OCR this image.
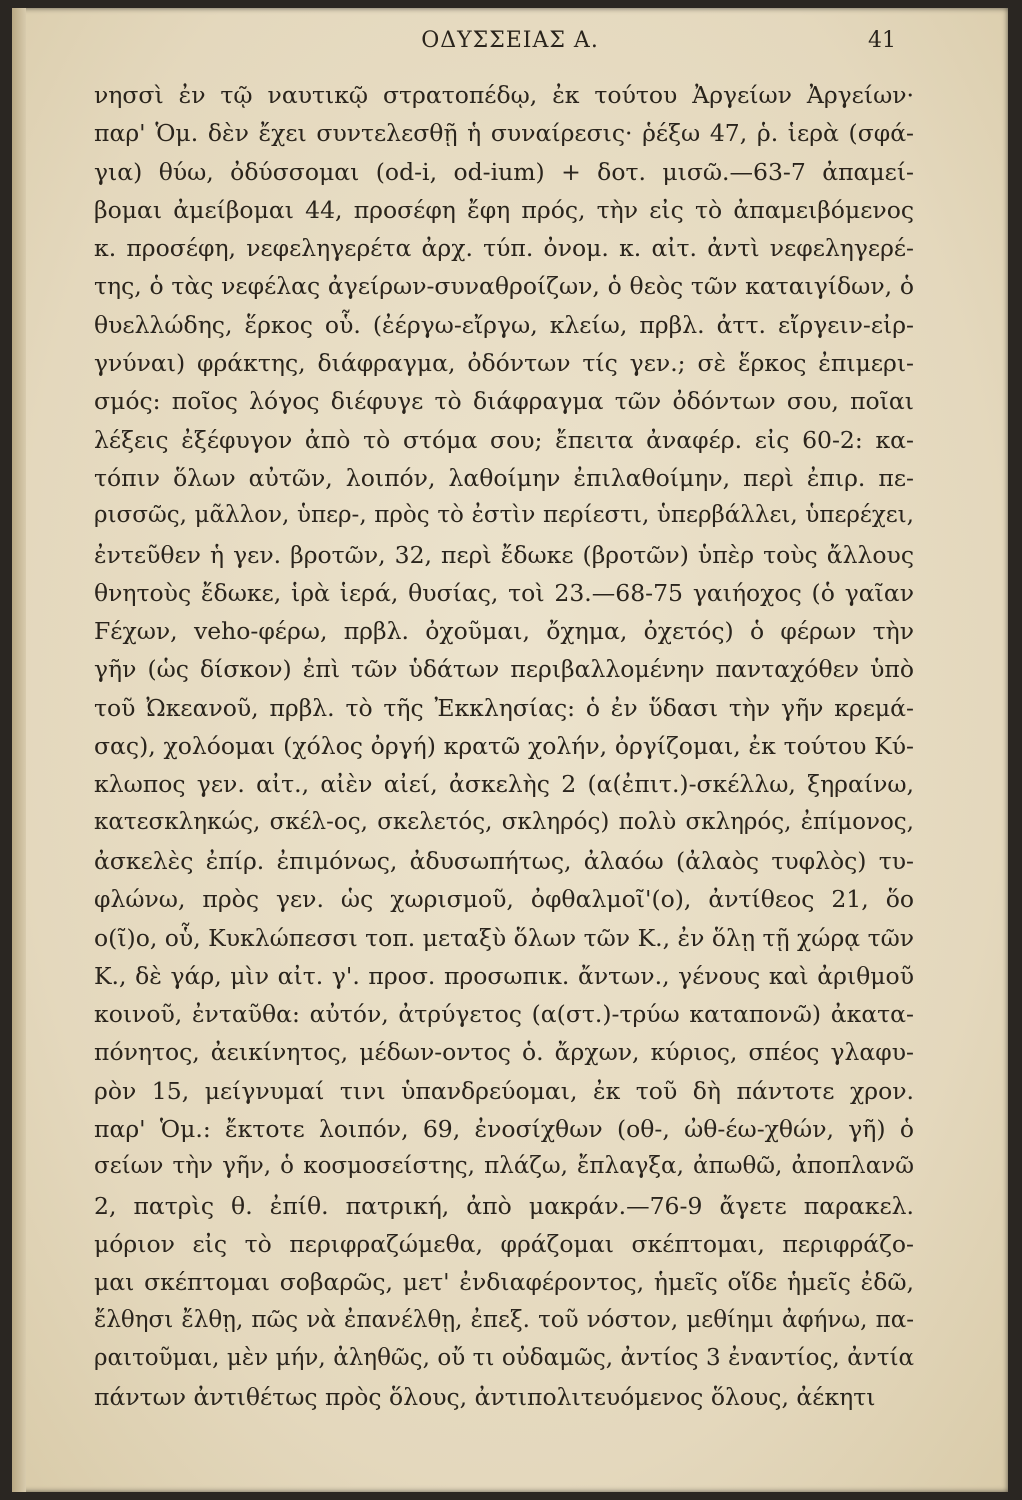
ΟΔΥΣΣΕΙΑΣ Α.	41
νησσὶ ἐν τῷ ναυτικῷ στρατοπέδῳ, ἐκ τούτου Ἀργείων Ἀργείων·
παρ' Ὁμ. δὲν ἔχει συντελεσθῇ ἡ συναίρεσις· ῥέξω 47, ῥ. ἱερὰ (σφά-
για) θύω, ὀδύσσομαι (od-i, od-ium) + δοτ. μισῶ.—63-7 ἀπαμεί-
βομαι ἀμείβομαι 44, προσέφη ἔφη πρός, τὴν εἰς τὸ ἀπαμειβόμενος
κ. προσέφη, νεφεληγερέτα ἀρχ. τύπ. ὀνομ. κ. αἰτ. ἀντὶ νεφεληγερέ-
της, ὁ τὰς νεφέλας ἀγείρων-συναθροίζων, ὁ θεὸς τῶν καταιγίδων, ὁ
θυελλώδης, ἕρκος οὗ. (ἐέργω-εἴργω, κλείω, πρβλ. ἀττ. εἴργειν-εἰρ-
γνύναι) φράκτης, διάφραγμα, ὀδόντων τίς γεν.; σὲ ἕρκος ἐπιμερι-
σμός: ποῖος λόγος διέφυγε τὸ διάφραγμα τῶν ὀδόντων σου, ποῖαι
λέξεις ἐξέφυγον ἀπὸ τὸ στόμα σου; ἔπειτα ἀναφέρ. εἰς 60-2: κα-
τόπιν ὅλων αὐτῶν, λοιπόν, λαθοίμην ἐπιλαθοίμην, περὶ ἐπιρ. πε-
ρισσῶς, μᾶλλον, ὑπερ-, πρὸς τὸ ἐστὶν περίεστι, ὑπερβάλλει, ὑπερέχει,
ἐντεῦθεν ἡ γεν. βροτῶν, 32, περὶ ἔδωκε (βροτῶν) ὑπὲρ τοὺς ἄλλους
θνητοὺς ἔδωκε, ἱρὰ ἱερά, θυσίας, τοὶ 23.—68-75 γαιήοχος (ὁ γαῖαν
Ϝέχων, veho-φέρω, πρβλ. ὀχοῦμαι, ὄχημα, ὀχετός) ὁ φέρων τὴν
γῆν (ὡς δίσκον) ἐπὶ τῶν ὑδάτων περιβαλλομένην πανταχόθεν ὑπὸ
τοῦ Ὠκεανοῦ, πρβλ. τὸ τῆς Ἐκκλησίας: ὁ ἐν ὕδασι τὴν γῆν κρεμά-
σας), χολόομαι (χόλος ὀργή) κρατῶ χολήν, ὀργίζομαι, ἐκ τούτου Κύ-
κλωπος γεν. αἰτ., αἰὲν αἰεί, ἀσκελὴς 2 (α(ἐπιτ.)-σκέλλω, ξηραίνω,
κατεσκληκώς, σκέλ-ος, σκελετός, σκληρός) πολὺ σκληρός, ἐπίμονος,
ἀσκελὲς ἐπίρ. ἐπιμόνως, ἀδυσωπήτως, ἀλαόω (ἀλαὸς τυφλὸς) τυ-
φλώνω, πρὸς γεν. ὡς χωρισμοῦ, ὀφθαλμοῖ'(ο), ἀντίθεος 21, ὅο
ο(ῖ)ο, οὗ, Κυκλώπεσσι τοπ. μεταξὺ ὅλων τῶν Κ., ἐν ὅλῃ τῇ χώρᾳ τῶν
Κ., δὲ γάρ, μὶν αἰτ. γ'. προσ. προσωπικ. ἄντων., γένους καὶ ἀριθμοῦ
κοινοῦ, ἐνταῦθα: αὐτόν, ἀτρύγετος (α(στ.)-τρύω καταπονῶ) ἀκατα-
πόνητος, ἀεικίνητος, μέδων-οντος ὁ. ἄρχων, κύριος, σπέος γλαφυ-
ρὸν 15, μείγνυμαί τινι ὑπανδρεύομαι, ἐκ τοῦ δὴ πάντοτε χρον.
παρ' Ὁμ.: ἔκτοτε λοιπόν, 69, ἐνοσίχθων (οθ-, ὠθ-έω-χθών, γῆ) ὁ
σείων τὴν γῆν, ὁ κοσμοσείστης, πλάζω, ἔπλαγξα, ἀπωθῶ, ἀποπλανῶ
2, πατρὶς θ. ἐπίθ. πατρική, ἀπὸ μακράν.—76-9 ἄγετε παρακελ.
μόριον εἰς τὸ περιφραζώμεθα, φράζομαι σκέπτομαι, περιφράζο-
μαι σκέπτομαι σοβαρῶς, μετ' ἐνδιαφέροντος, ἡμεῖς οἵδε ἡμεῖς ἐδῶ,
ἔλθησι ἔλθῃ, πῶς νὰ ἐπανέλθῃ, ἐπεξ. τοῦ νόστον, μεθίημι ἀφήνω, πα-
ραιτοῦμαι, μὲν μήν, ἀληθῶς, οὔ τι οὐδαμῶς, ἀντίος 3 ἐναντίος, ἀντία
πάντων ἀντιθέτως πρὸς ὅλους, ἀντιπολιτευόμενος ὅλους, ἀέκητι
